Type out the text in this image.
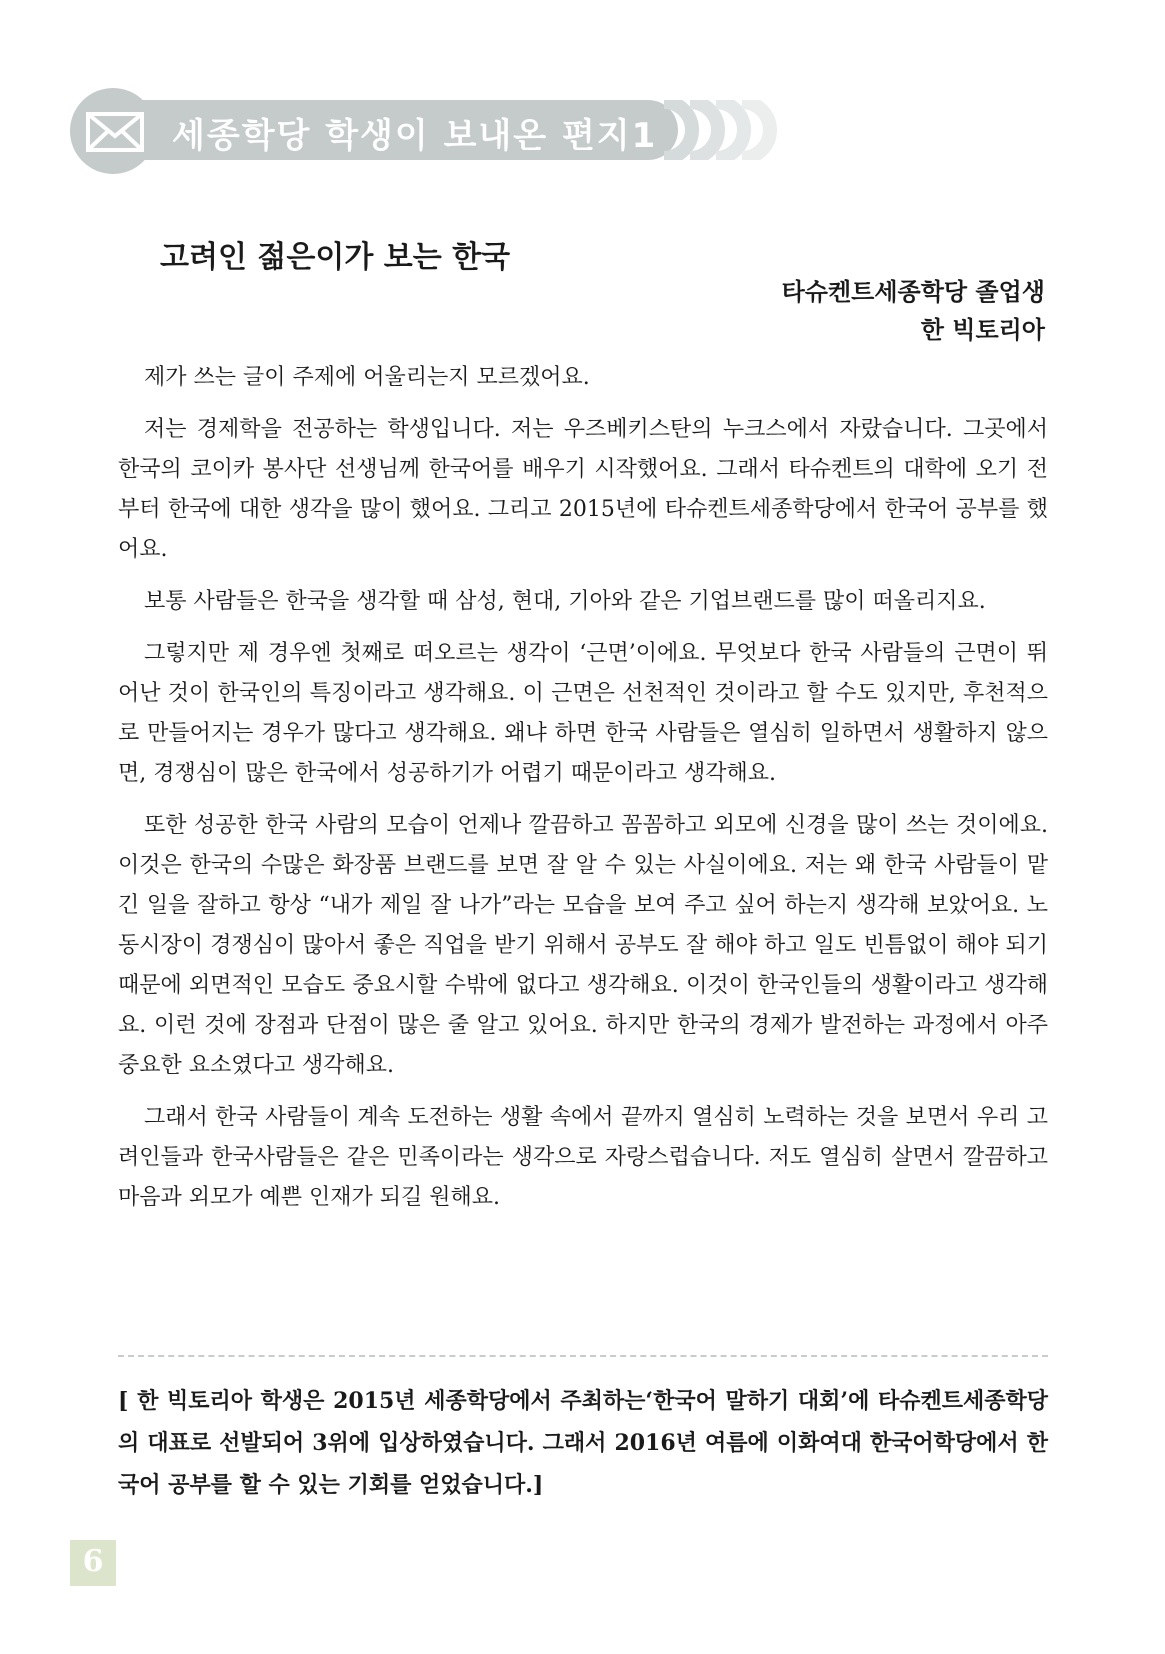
세종학당 학생이 보내온 편지1
고려인 젊은이가 보는 한국
타슈켄트세종학당 졸업생
한 빅토리아

제가 쓰는 글이 주제에 어울리는지 모르겠어요.

저는 경제학을 전공하는 학생입니다. 저는 우즈베키스탄의 누크스에서 자랐습니다. 그곳에서 한국의 코이카 봉사단 선생님께 한국어를 배우기 시작했어요. 그래서 타슈켄트의 대학에 오기 전부터 한국에 대한 생각을 많이 했어요. 그리고 2015년에 타슈켄트세종학당에서 한국어 공부를 했어요.

보통 사람들은 한국을 생각할 때 삼성, 현대, 기아와 같은 기업브랜드를 많이 떠올리지요.

그렇지만 제 경우엔 첫째로 떠오르는 생각이 ‘근면’이에요. 무엇보다 한국 사람들의 근면이 뛰어난 것이 한국인의 특징이라고 생각해요. 이 근면은 선천적인 것이라고 할 수도 있지만, 후천적으로 만들어지는 경우가 많다고 생각해요. 왜냐 하면 한국 사람들은 열심히 일하면서 생활하지 않으면, 경쟁심이 많은 한국에서 성공하기가 어렵기 때문이라고 생각해요.

또한 성공한 한국 사람의 모습이 언제나 깔끔하고 꼼꼼하고 외모에 신경을 많이 쓰는 것이에요. 이것은 한국의 수많은 화장품 브랜드를 보면 잘 알 수 있는 사실이에요. 저는 왜 한국 사람들이 맡긴 일을 잘하고 항상 “내가 제일 잘 나가”라는 모습을 보여 주고 싶어 하는지 생각해 보았어요. 노동시장이 경쟁심이 많아서 좋은 직업을 받기 위해서 공부도 잘 해야 하고 일도 빈틈없이 해야 되기 때문에 외면적인 모습도 중요시할 수밖에 없다고 생각해요. 이것이 한국인들의 생활이라고 생각해요. 이런 것에 장점과 단점이 많은 줄 알고 있어요. 하지만 한국의 경제가 발전하는 과정에서 아주 중요한 요소였다고 생각해요.

그래서 한국 사람들이 계속 도전하는 생활 속에서 끝까지 열심히 노력하는 것을 보면서 우리 고려인들과 한국사람들은 같은 민족이라는 생각으로 자랑스럽습니다. 저도 열심히 살면서 깔끔하고 마음과 외모가 예쁜 인재가 되길 원해요.

[ 한 빅토리아 학생은 2015년 세종학당에서 주최하는‘한국어 말하기 대회’에 타슈켄트세종학당의 대표로 선발되어 3위에 입상하였습니다. 그래서 2016년 여름에 이화여대 한국어학당에서 한국어 공부를 할 수 있는 기회를 얻었습니다.]
6
